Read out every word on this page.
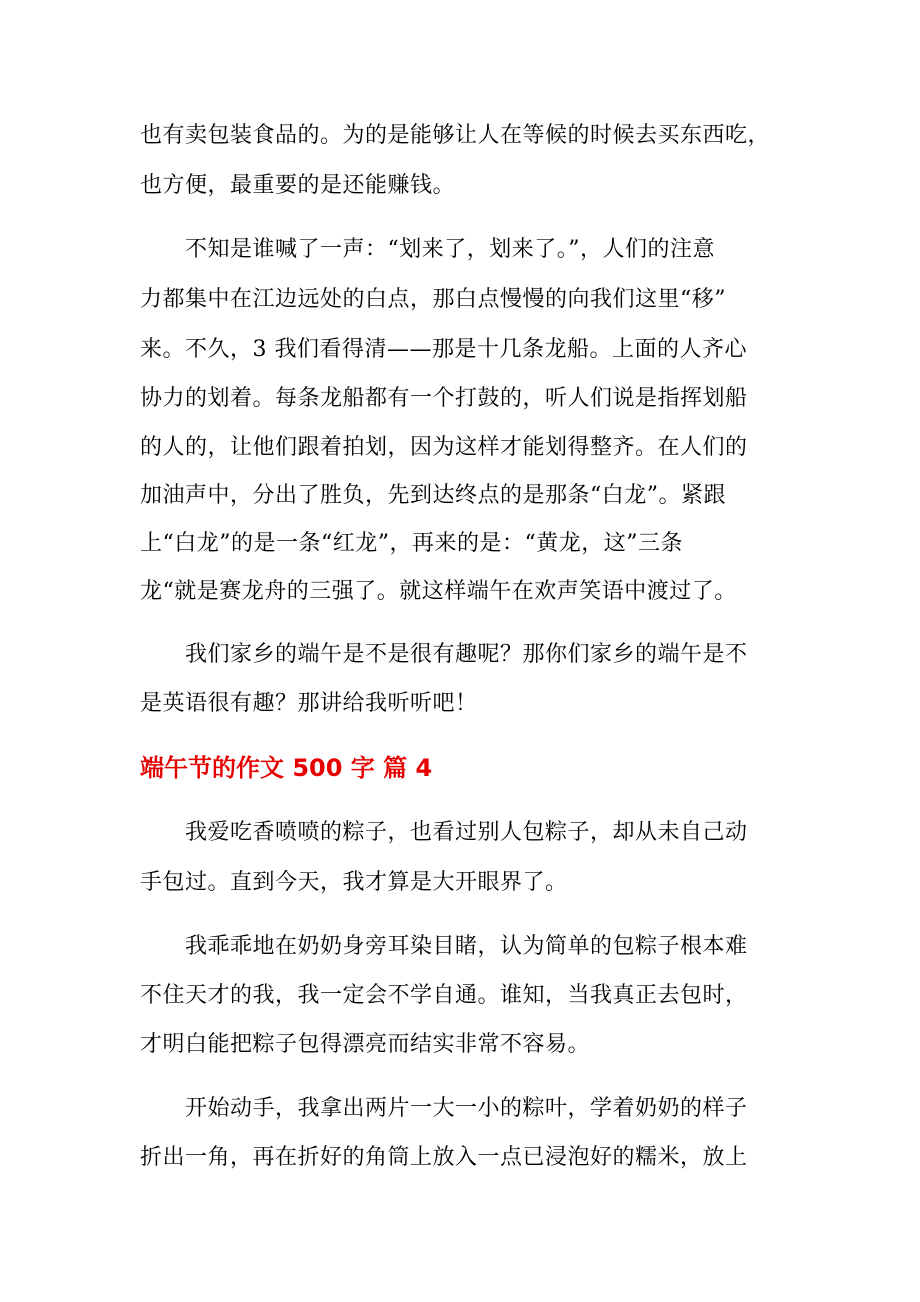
也有卖包装食品的。为的是能够让人在等候的时候去买东西吃，
也方便，最重要的是还能赚钱。
不知是谁喊了一声：“划来了，划来了。”，人们的注意
力都集中在江边远处的白点，那白点慢慢的向我们这里“移”
来。不久，3 我们看得清——那是十几条龙船。上面的人齐心
协力的划着。每条龙船都有一个打鼓的，听人们说是指挥划船
的人的，让他们跟着拍划，因为这样才能划得整齐。在人们的
加油声中，分出了胜负，先到达终点的是那条“白龙”。紧跟
上“白龙”的是一条“红龙”，再来的是：“黄龙，这”三条
龙“就是赛龙舟的三强了。就这样端午在欢声笑语中渡过了。
我们家乡的端午是不是很有趣呢？那你们家乡的端午是不
是英语很有趣？那讲给我听听吧！
端午节的作文 500 字 篇 4
我爱吃香喷喷的粽子，也看过别人包粽子，却从未自己动
手包过。直到今天，我才算是大开眼界了。
我乖乖地在奶奶身旁耳染目睹，认为简单的包粽子根本难
不住天才的我，我一定会不学自通。谁知，当我真正去包时，
才明白能把粽子包得漂亮而结实非常不容易。
开始动手，我拿出两片一大一小的粽叶，学着奶奶的样子
折出一角，再在折好的角筒上放入一点已浸泡好的糯米，放上
